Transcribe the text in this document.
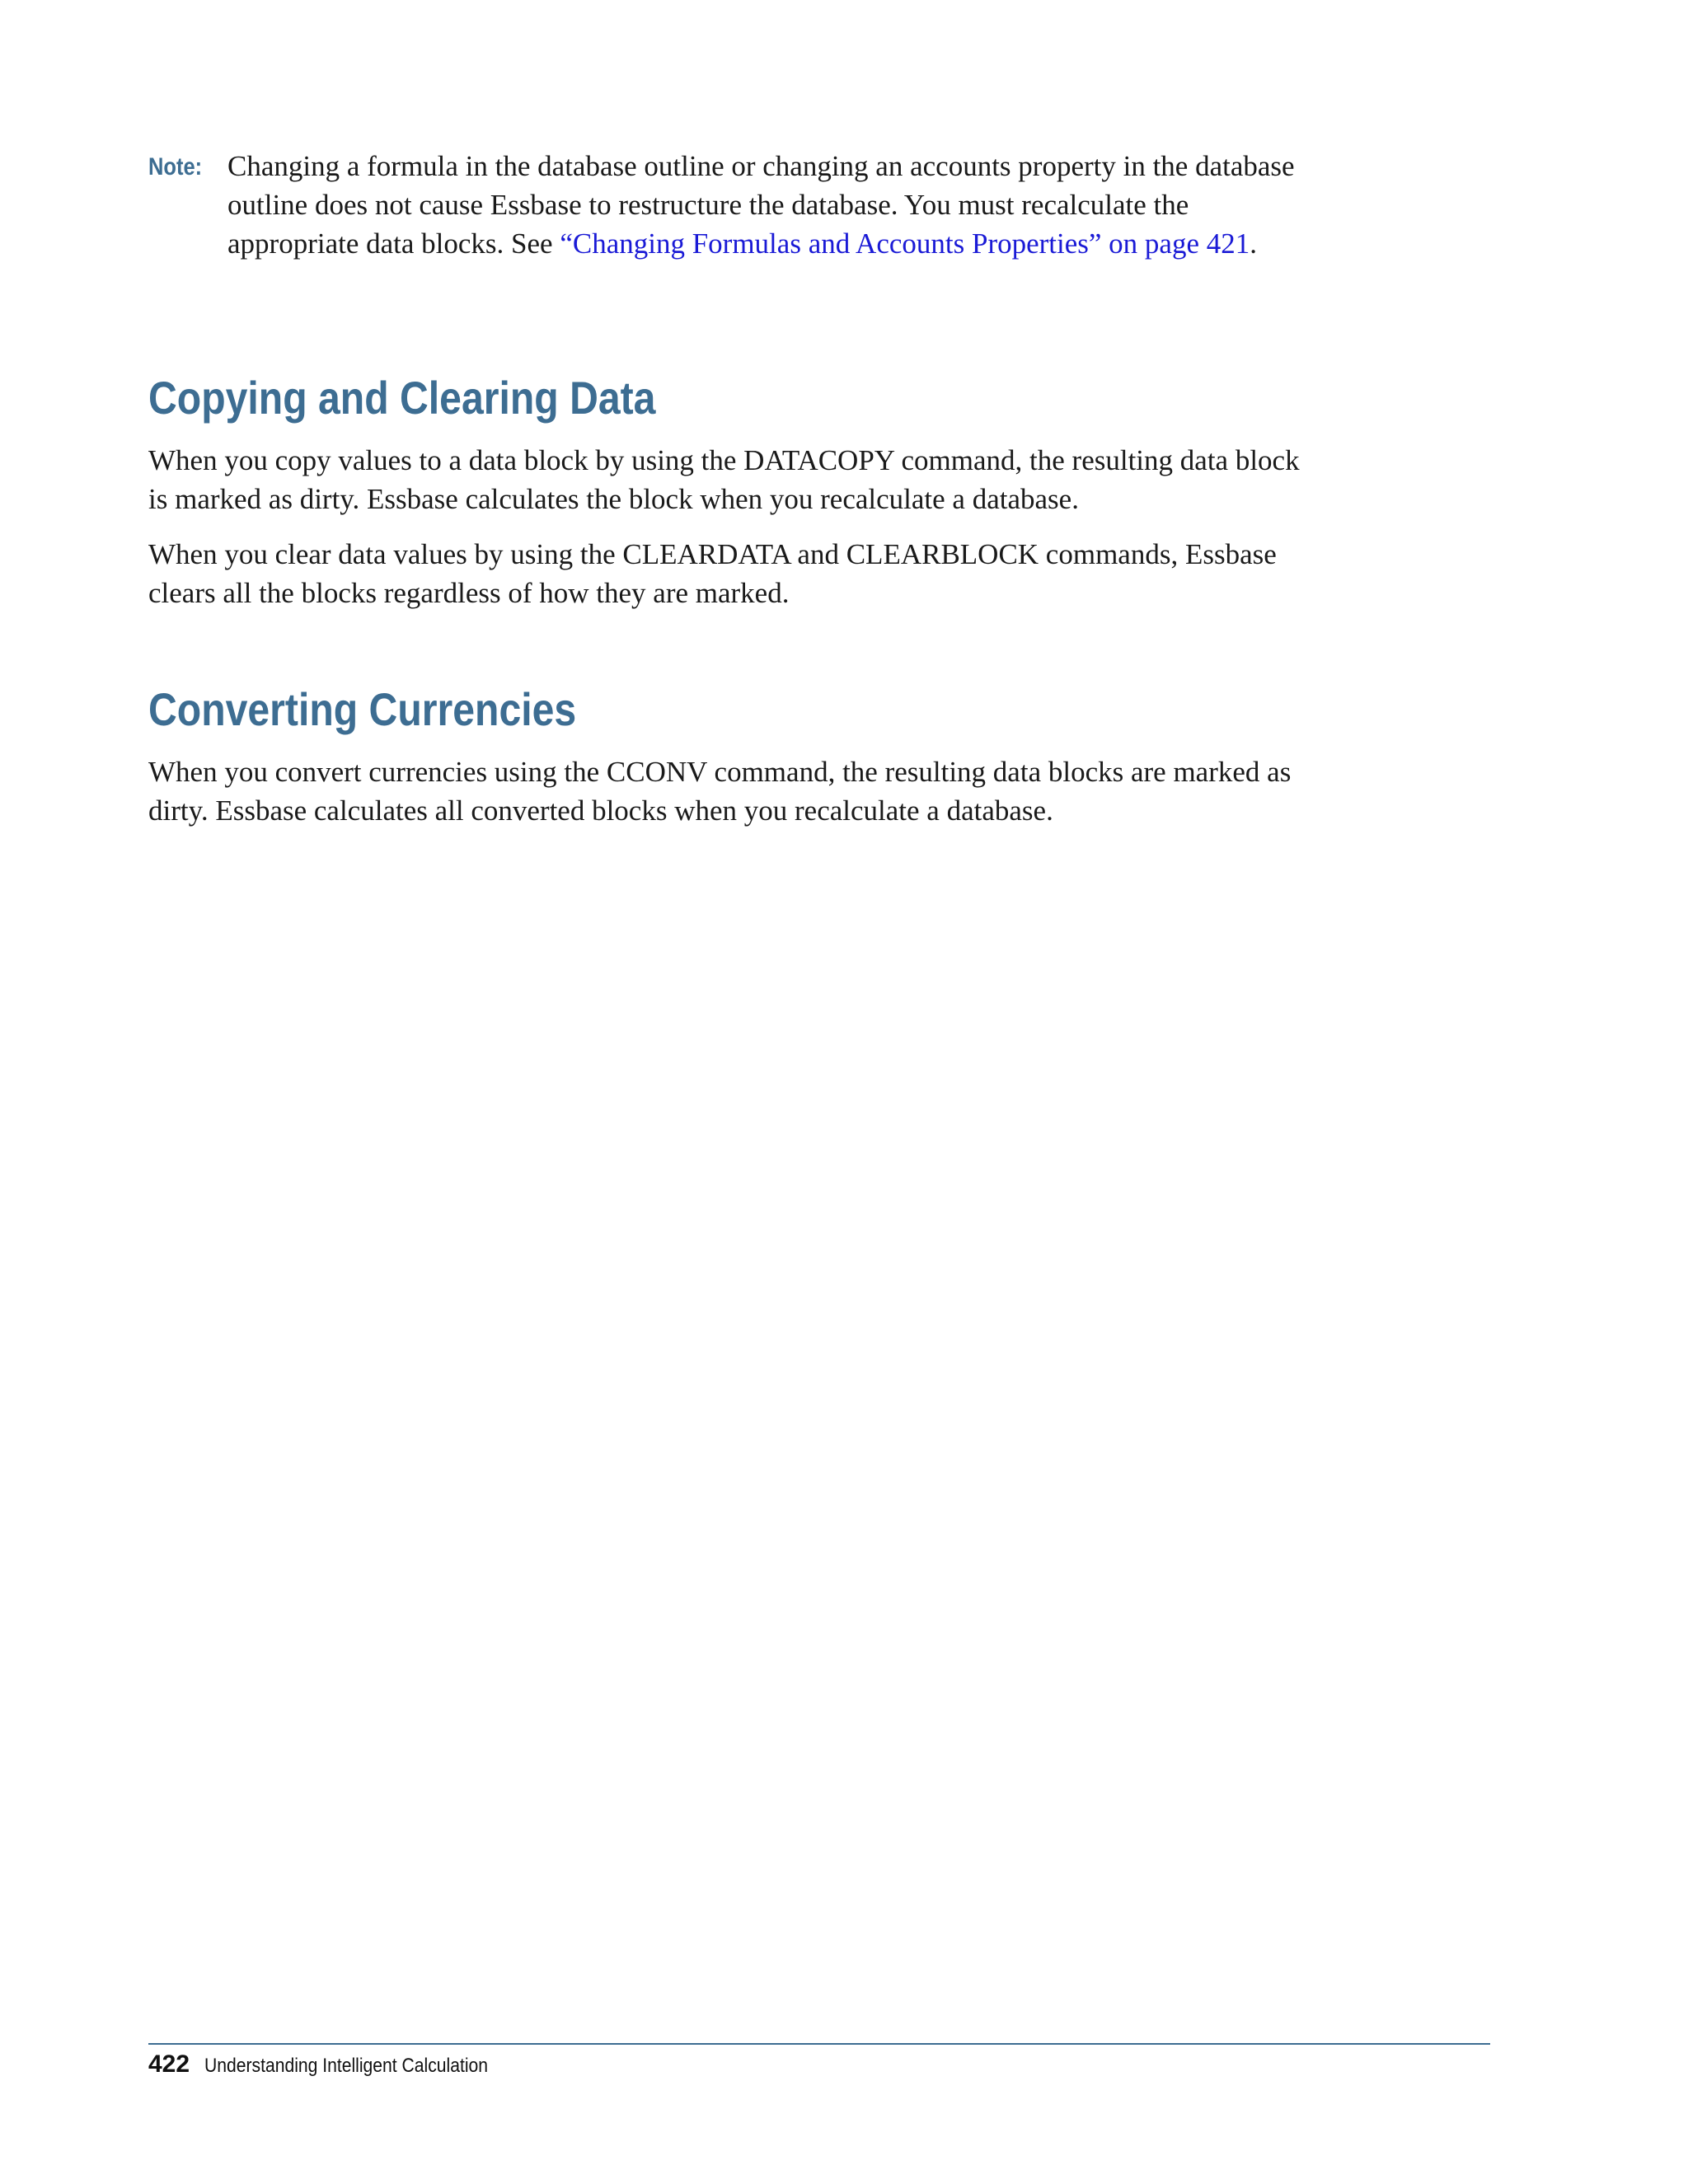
Note: Changing a formula in the database outline or changing an accounts property in the database outline does not cause Essbase to restructure the database. You must recalculate the appropriate data blocks. See “Changing Formulas and Accounts Properties” on page 421.
Copying and Clearing Data

When you copy values to a data block by using the DATACOPY command, the resulting data block is marked as dirty. Essbase calculates the block when you recalculate a database.

When you clear data values by using the CLEARDATA and CLEARBLOCK commands, Essbase clears all the blocks regardless of how they are marked.

Converting Currencies

When you convert currencies using the CCONV command, the resulting data blocks are marked as dirty. Essbase calculates all converted blocks when you recalculate a database.

422 Understanding Intelligent Calculation
